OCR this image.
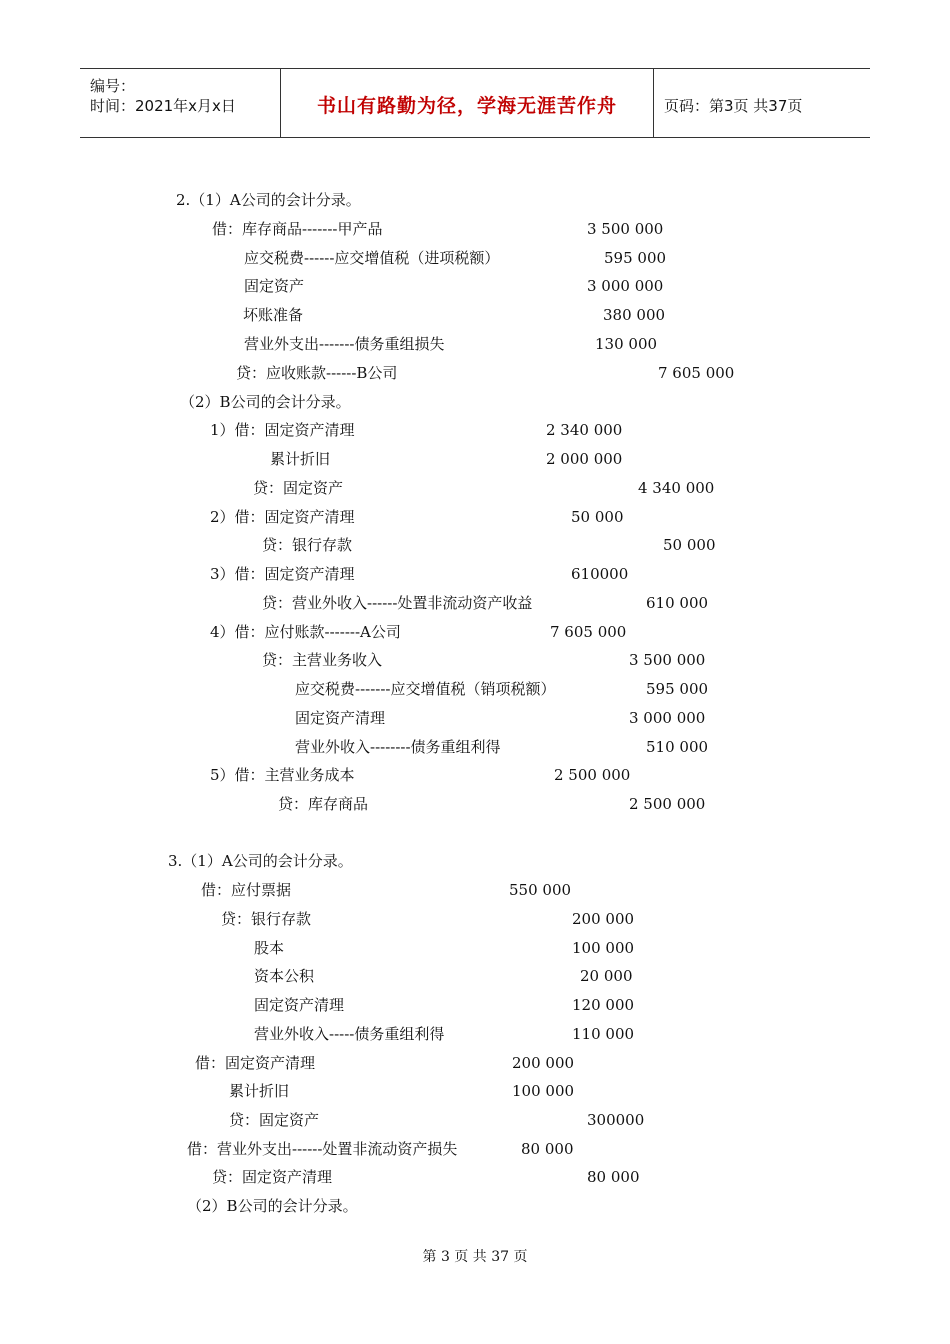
编号：
时间：2021年x月x日	书山有路勤为径，学海无涯苦作舟	页码：第3页 共37页
2.（1）A公司的会计分录。
借：库存商品-------甲产品	3 500 000
应交税费------应交增值税（进项税额）	595 000
固定资产	3 000 000
坏账准备	380 000
营业外支出-------债务重组损失	130 000
贷：应收账款------B公司	7 605 000
（2）B公司的会计分录。
1）借：固定资产清理	2 340 000
累计折旧	2 000 000
贷：固定资产	4 340 000
2）借：固定资产清理	50 000
贷：银行存款	50 000
3）借：固定资产清理	610000
贷：营业外收入------处置非流动资产收益	610 000
4）借：应付账款-------A公司	7 605 000
贷：主营业务收入	3 500 000
应交税费-------应交增值税（销项税额）	595 000
固定资产清理	3 000 000
营业外收入--------债务重组利得	510 000
5）借：主营业务成本	2 500 000
贷：库存商品	2 500 000
3.（1）A公司的会计分录。
借：应付票据	550 000
贷：银行存款	200 000
股本	100 000
资本公积	20 000
固定资产清理	120 000
营业外收入-----债务重组利得	110 000
借：固定资产清理	200 000
累计折旧	100 000
贷：固定资产	300000
借：营业外支出------处置非流动资产损失	80 000
贷：固定资产清理	80 000
（2）B公司的会计分录。
第 3 页 共 37 页
